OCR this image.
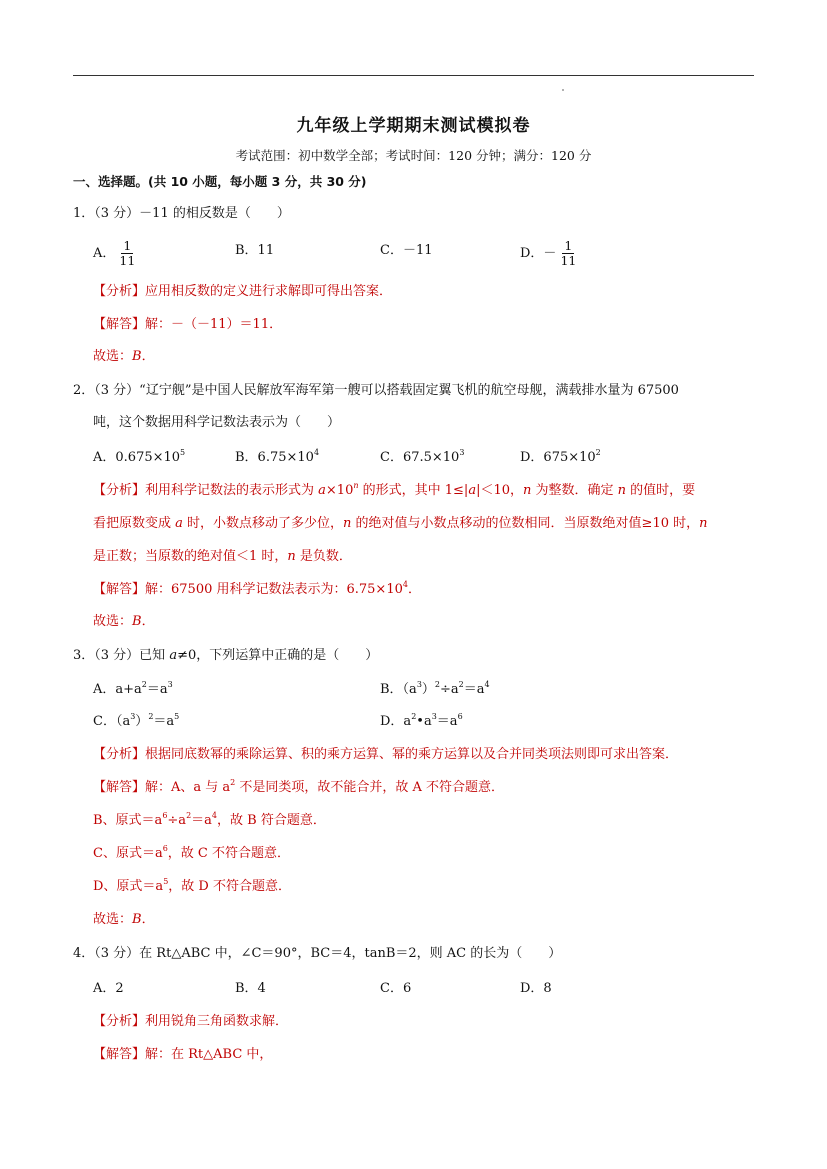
九年级上学期期末测试模拟卷
考试范围：初中数学全部；考试时间：120 分钟；满分：120 分
一、选择题。(共 10 小题，每小题 3 分，共 30 分)
1．（3 分）－11 的相反数是（　　）
A． $\frac{1}{11}$	B．11	C．－11	D．－ $\frac{1}{11}$
【分析】应用相反数的定义进行求解即可得出答案．
【解答】解：－（－11）＝11．
故选：B．
2．（3 分）“辽宁舰”是中国人民解放军海军第一艘可以搭载固定翼飞机的航空母舰，满载排水量为 67500
吨，这个数据用科学记数法表示为（　　）
A．$0.675\times 10^5$	B．$6.75\times 10^4$	C．$67.5\times 10^3$	D．$675\times 10^2$
【分析】利用科学记数法的表示形式为 $a\times 10^n$ 的形式，其中 1≤|a|＜10，n 为整数．确定 n 的值时，要
看把原数变成 a 时，小数点移动了多少位，n 的绝对值与小数点移动的位数相同．当原数绝对值≥10 时，n
是正数；当原数的绝对值＜1 时，n 是负数．
【解答】解：67500 用科学记数法表示为：$6.75\times 10^4$．
故选：B．
3．（3 分）已知 a≠0，下列运算中正确的是（　　）
A．$a+a^2=a^3$	B．$(a^3)^2\div a^2=a^4$
C．$(a^3)^2=a^5$	D．$a^2•a^3=a^6$
【分析】根据同底数幂的乘除运算、积的乘方运算、幂的乘方运算以及合并同类项法则即可求出答案．
【解答】解：A、a 与 $a^2$ 不是同类项，故不能合并，故 A 不符合题意．
B、原式$=a^6\div a^2=a^4$，故 B 符合题意．
C、原式$=a^6$，故 C 不符合题意．
D、原式$=a^5$，故 D 不符合题意．
故选：B．
4．（3 分）在 Rt△ABC 中，∠C＝90°，BC＝4，tanB＝2，则 AC 的长为（　　）
A．2	B．4	C．6	D．8
【分析】利用锐角三角函数求解．
【解答】解：在 Rt△ABC 中，
